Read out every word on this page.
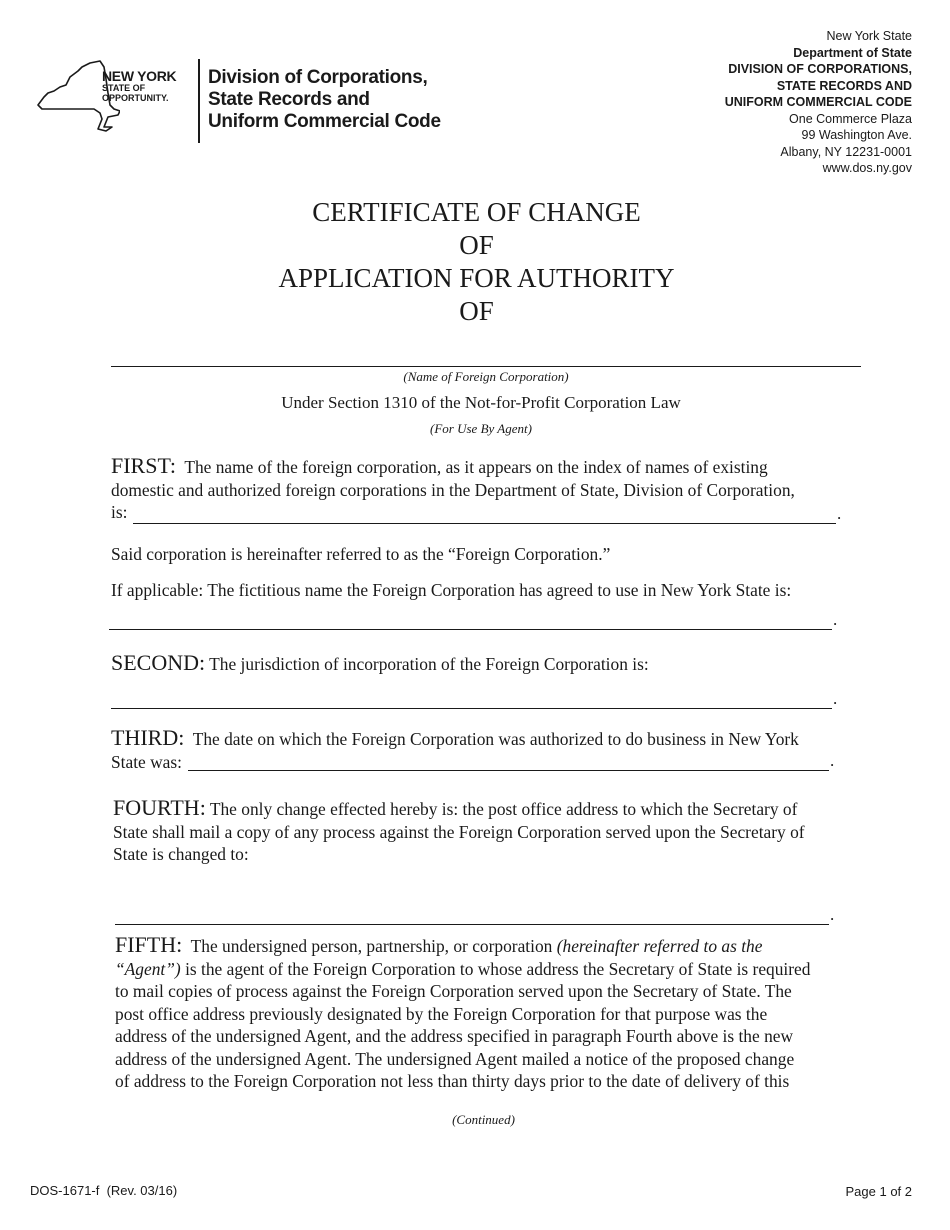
NEW YORK
STATE OF
OPPORTUNITY.
Division of Corporations,
State Records and
Uniform Commercial Code
New York State
Department of State
DIVISION OF CORPORATIONS,
STATE RECORDS AND
UNIFORM COMMERCIAL CODE
One Commerce Plaza
99 Washington Ave.
Albany, NY 12231-0001
www.dos.ny.gov
CERTIFICATE OF CHANGE
OF
APPLICATION FOR AUTHORITY
OF
(Name of Foreign Corporation)
Under Section 1310 of the Not-for-Profit Corporation Law
(For Use By Agent)
FIRST: The name of the foreign corporation, as it appears on the index of names of existing
domestic and authorized foreign corporations in the Department of State, Division of Corporation,
is:	.
Said corporation is hereinafter referred to as the “Foreign Corporation.”
If applicable: The fictitious name the Foreign Corporation has agreed to use in New York State is:
.
SECOND: The jurisdiction of incorporation of the Foreign Corporation is:
.
THIRD: The date on which the Foreign Corporation was authorized to do business in New York
State was:	.
FOURTH: The only change effected hereby is: the post office address to which the Secretary of
State shall mail a copy of any process against the Foreign Corporation served upon the Secretary of
State is changed to:
.
FIFTH: The undersigned person, partnership, or corporation (hereinafter referred to as the
“Agent”) is the agent of the Foreign Corporation to whose address the Secretary of State is required
to mail copies of process against the Foreign Corporation served upon the Secretary of State. The
post office address previously designated by the Foreign Corporation for that purpose was the
address of the undersigned Agent, and the address specified in paragraph Fourth above is the new
address of the undersigned Agent. The undersigned Agent mailed a notice of the proposed change
of address to the Foreign Corporation not less than thirty days prior to the date of delivery of this
(Continued)
DOS-1671-f  (Rev. 03/16)	Page 1 of 2
